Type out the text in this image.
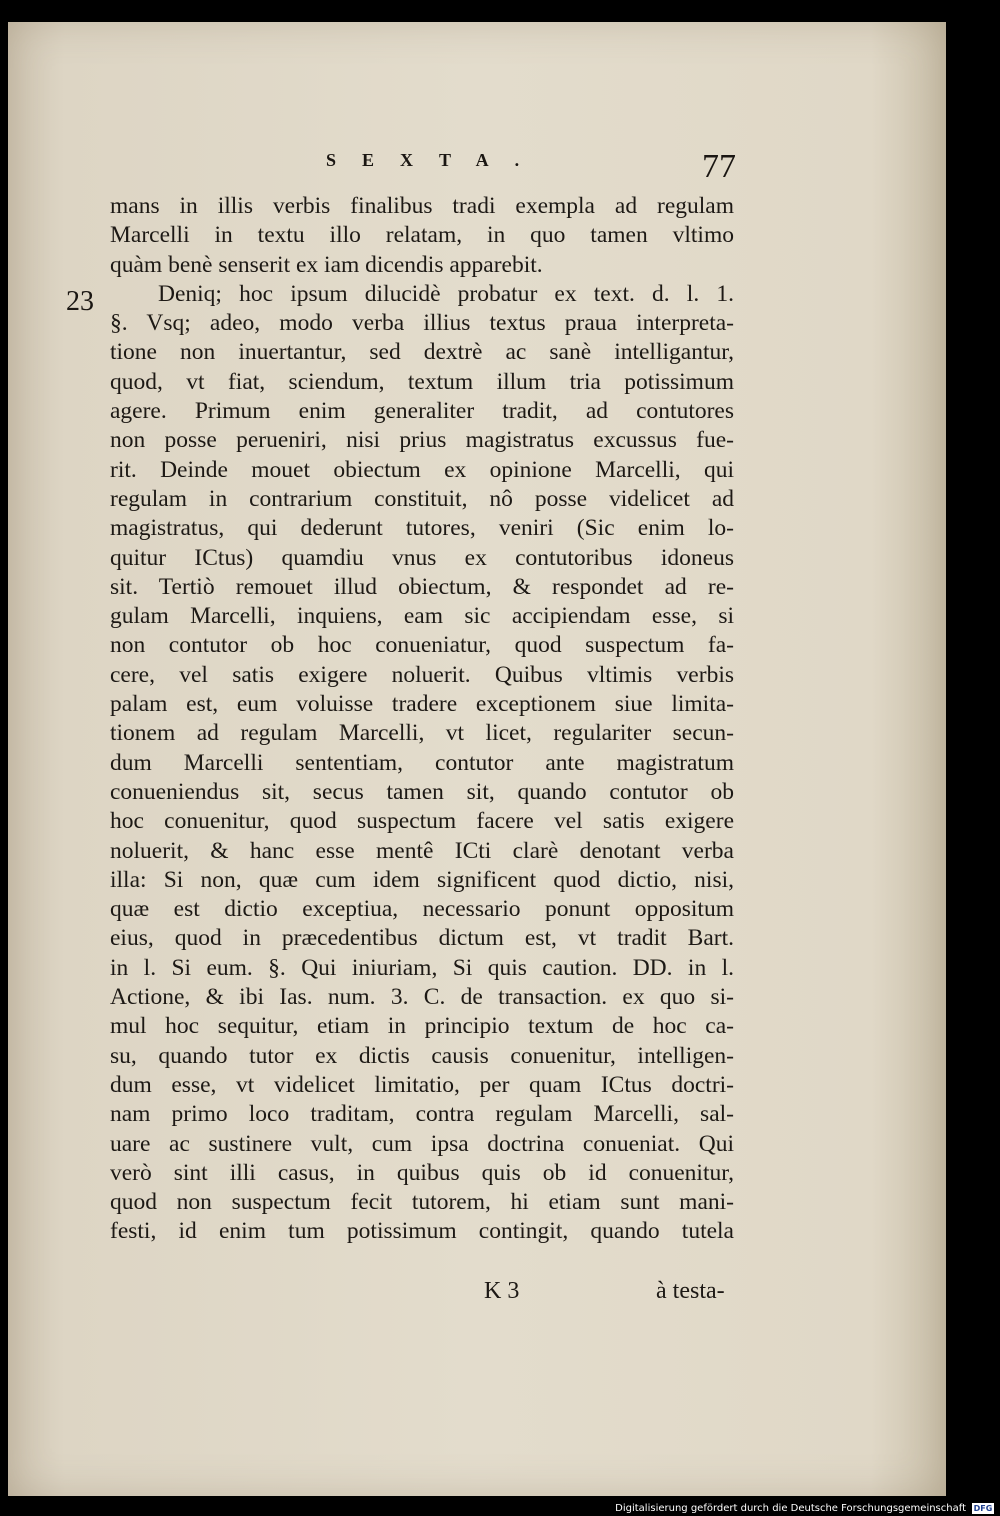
SEXTA.	77
23
mans in illis verbis finalibus tradi exempla ad regulam
Marcelli in textu illo relatam, in quo tamen vltimo
quàm benè senserit ex iam dicendis apparebit.
Deniq; hoc ipsum dilucidè probatur ex text. d. l. 1.
§. Vsq; adeo, modo verba illius textus praua interpreta-
tione non inuertantur, sed dextrè ac sanè intelligantur,
quod, vt fiat, sciendum, textum illum tria potissimum
agere. Primum enim generaliter tradit, ad contutores
non posse perueniri, nisi prius magistratus excussus fue-
rit. Deinde mouet obiectum ex opinione Marcelli, qui
regulam in contrarium constituit, nô posse videlicet ad
magistratus, qui dederunt tutores, veniri (Sic enim lo-
quitur ICtus) quamdiu vnus ex contutoribus idoneus
sit. Tertiò remouet illud obiectum, & respondet ad re-
gulam Marcelli, inquiens, eam sic accipiendam esse, si
non contutor ob hoc conueniatur, quod suspectum fa-
cere, vel satis exigere noluerit. Quibus vltimis verbis
palam est, eum voluisse tradere exceptionem siue limita-
tionem ad regulam Marcelli, vt licet, regulariter secun-
dum Marcelli sententiam, contutor ante magistratum
conueniendus sit, secus tamen sit, quando contutor ob
hoc conuenitur, quod suspectum facere vel satis exigere
noluerit, & hanc esse mentê ICti clarè denotant verba
illa: Si non, quæ cum idem significent quod dictio, nisi,
quæ est dictio exceptiua, necessario ponunt oppositum
eius, quod in præcedentibus dictum est, vt tradit Bart.
in l. Si eum. §. Qui iniuriam, Si quis caution. DD. in l.
Actione, & ibi Ias. num. 3. C. de transaction. ex quo si-
mul hoc sequitur, etiam in principio textum de hoc ca-
su, quando tutor ex dictis causis conuenitur, intelligen-
dum esse, vt videlicet limitatio, per quam ICtus doctri-
nam primo loco traditam, contra regulam Marcelli, sal-
uare ac sustinere vult, cum ipsa doctrina conueniat. Qui
verò sint illi casus, in quibus quis ob id conuenitur,
quod non suspectum fecit tutorem, hi etiam sunt mani-
festi, id enim tum potissimum contingit, quando tutela
K 3	à testa-
Digitalisierung gefördert durch die Deutsche Forschungsgemeinschaft DFG
